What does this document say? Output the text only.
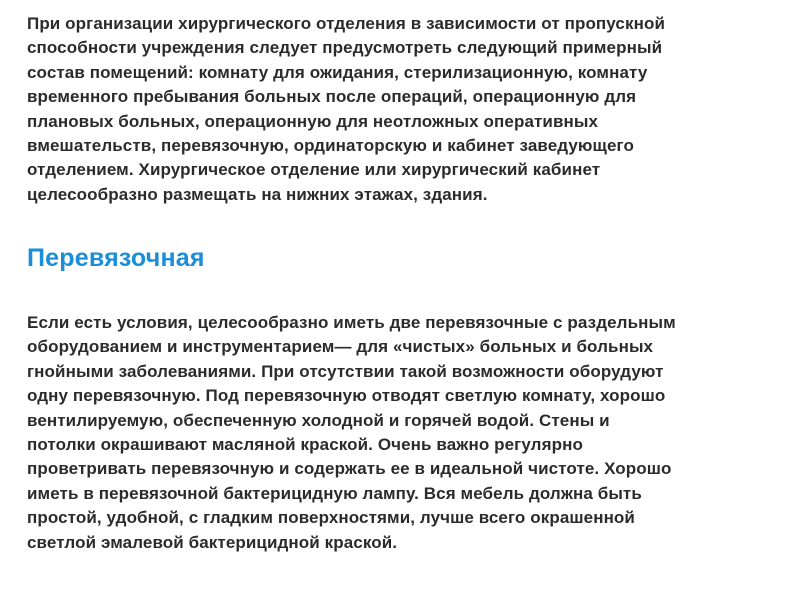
При организации хирургического отделения в зависимости от пропускной
способности учреждения следует предусмотреть следующий примерный
состав помещений: комнату для ожидания, стерилизационную, комнату
временного пребывания больных после операций, операционную для
плановых больных, операционную для неотложных оперативных
вмешательств, перевязочную, ординаторскую и кабинет заведующего
отделением. Хирургическое отделение или хирургический кабинет
целесообразно размещать на нижних этажах, здания.

Перевязочная

Если есть условия, целесообразно иметь две перевязочные с раздельным
оборудованием и инструментарием— для «чистых» больных и больных
гнойными заболеваниями. При отсутствии такой возможности оборудуют
одну перевязочную. Под перевязочную отводят светлую комнату, хорошо
вентилируемую, обеспеченную холодной и горячей водой. Стены и
потолки окрашивают масляной краской. Очень важно регулярно
проветривать перевязочную и содержать ее в идеальной чистоте. Хорошо
иметь в перевязочной бактерицидную лампу. Вся мебель должна быть
простой, удобной, с гладким поверхностями, лучше всего окрашенной
светлой эмалевой бактерицидной краской.
